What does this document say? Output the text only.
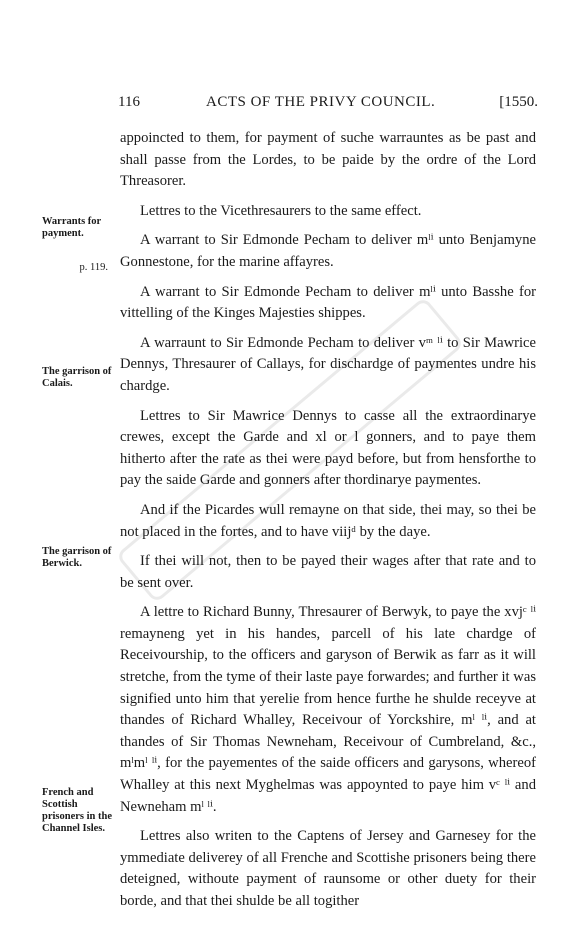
116	ACTS OF THE PRIVY COUNCIL.	[1550.
Warrants for payment.
p. 119.
The garrison of Calais.
The garrison of Berwick.
French and Scottish prisoners in the Channel Isles.

appoincted to them, for payment of suche warrauntes as be past and shall passe from the Lordes, to be paide by the ordre of the Lord Threasorer.

Lettres to the Vicethresaurers to the same effect.

A warrant to Sir Edmonde Pecham to deliver mˡⁱ unto Benjamyne Gonnestone, for the marine affayres.

A warrant to Sir Edmonde Pecham to deliver mˡⁱ unto Basshe for vittelling of the Kinges Majesties shippes.

A warraunt to Sir Edmonde Pecham to deliver vᵐ ˡⁱ to Sir Mawrice Dennys, Thresaurer of Callays, for dischardge of paymentes undre his chardge.

Lettres to Sir Mawrice Dennys to casse all the extraordinarye crewes, except the Garde and xl or l gonners, and to paye them hitherto after the rate as thei were payd before, but from hensforthe to pay the saide Garde and gonners after thordinarye paymentes.

And if the Picardes wull remayne on that side, thei may, so thei be not placed in the fortes, and to have viijᵈ by the daye.

If thei will not, then to be payed their wages after that rate and to be sent over.

A lettre to Richard Bunny, Thresaurer of Berwyk, to paye the xvjᶜ ˡⁱ remayneng yet in his handes, parcell of his late chardge of Receivourship, to the officers and garyson of Berwik as farr as it will stretche, from the tyme of their laste paye forwardes; and further it was signified unto him that yerelie from hence furthe he shulde receyve at thandes of Richard Whalley, Receivour of Yorckshire, mˡ ˡⁱ, and at thandes of Sir Thomas Newneham, Receivour of Cumbreland, &c., mˡmˡ ˡⁱ, for the payementes of the saide officers and garysons, whereof Whalley at this next Myghelmas was appoynted to paye him vᶜ ˡⁱ and Newneham mˡ ˡⁱ.

Lettres also writen to the Captens of Jersey and Garnesey for the ymmediate deliverey of all Frenche and Scottishe prisoners being there deteigned, withoute payment of raunsome or other duety for their borde, and that thei shulde be all togither
